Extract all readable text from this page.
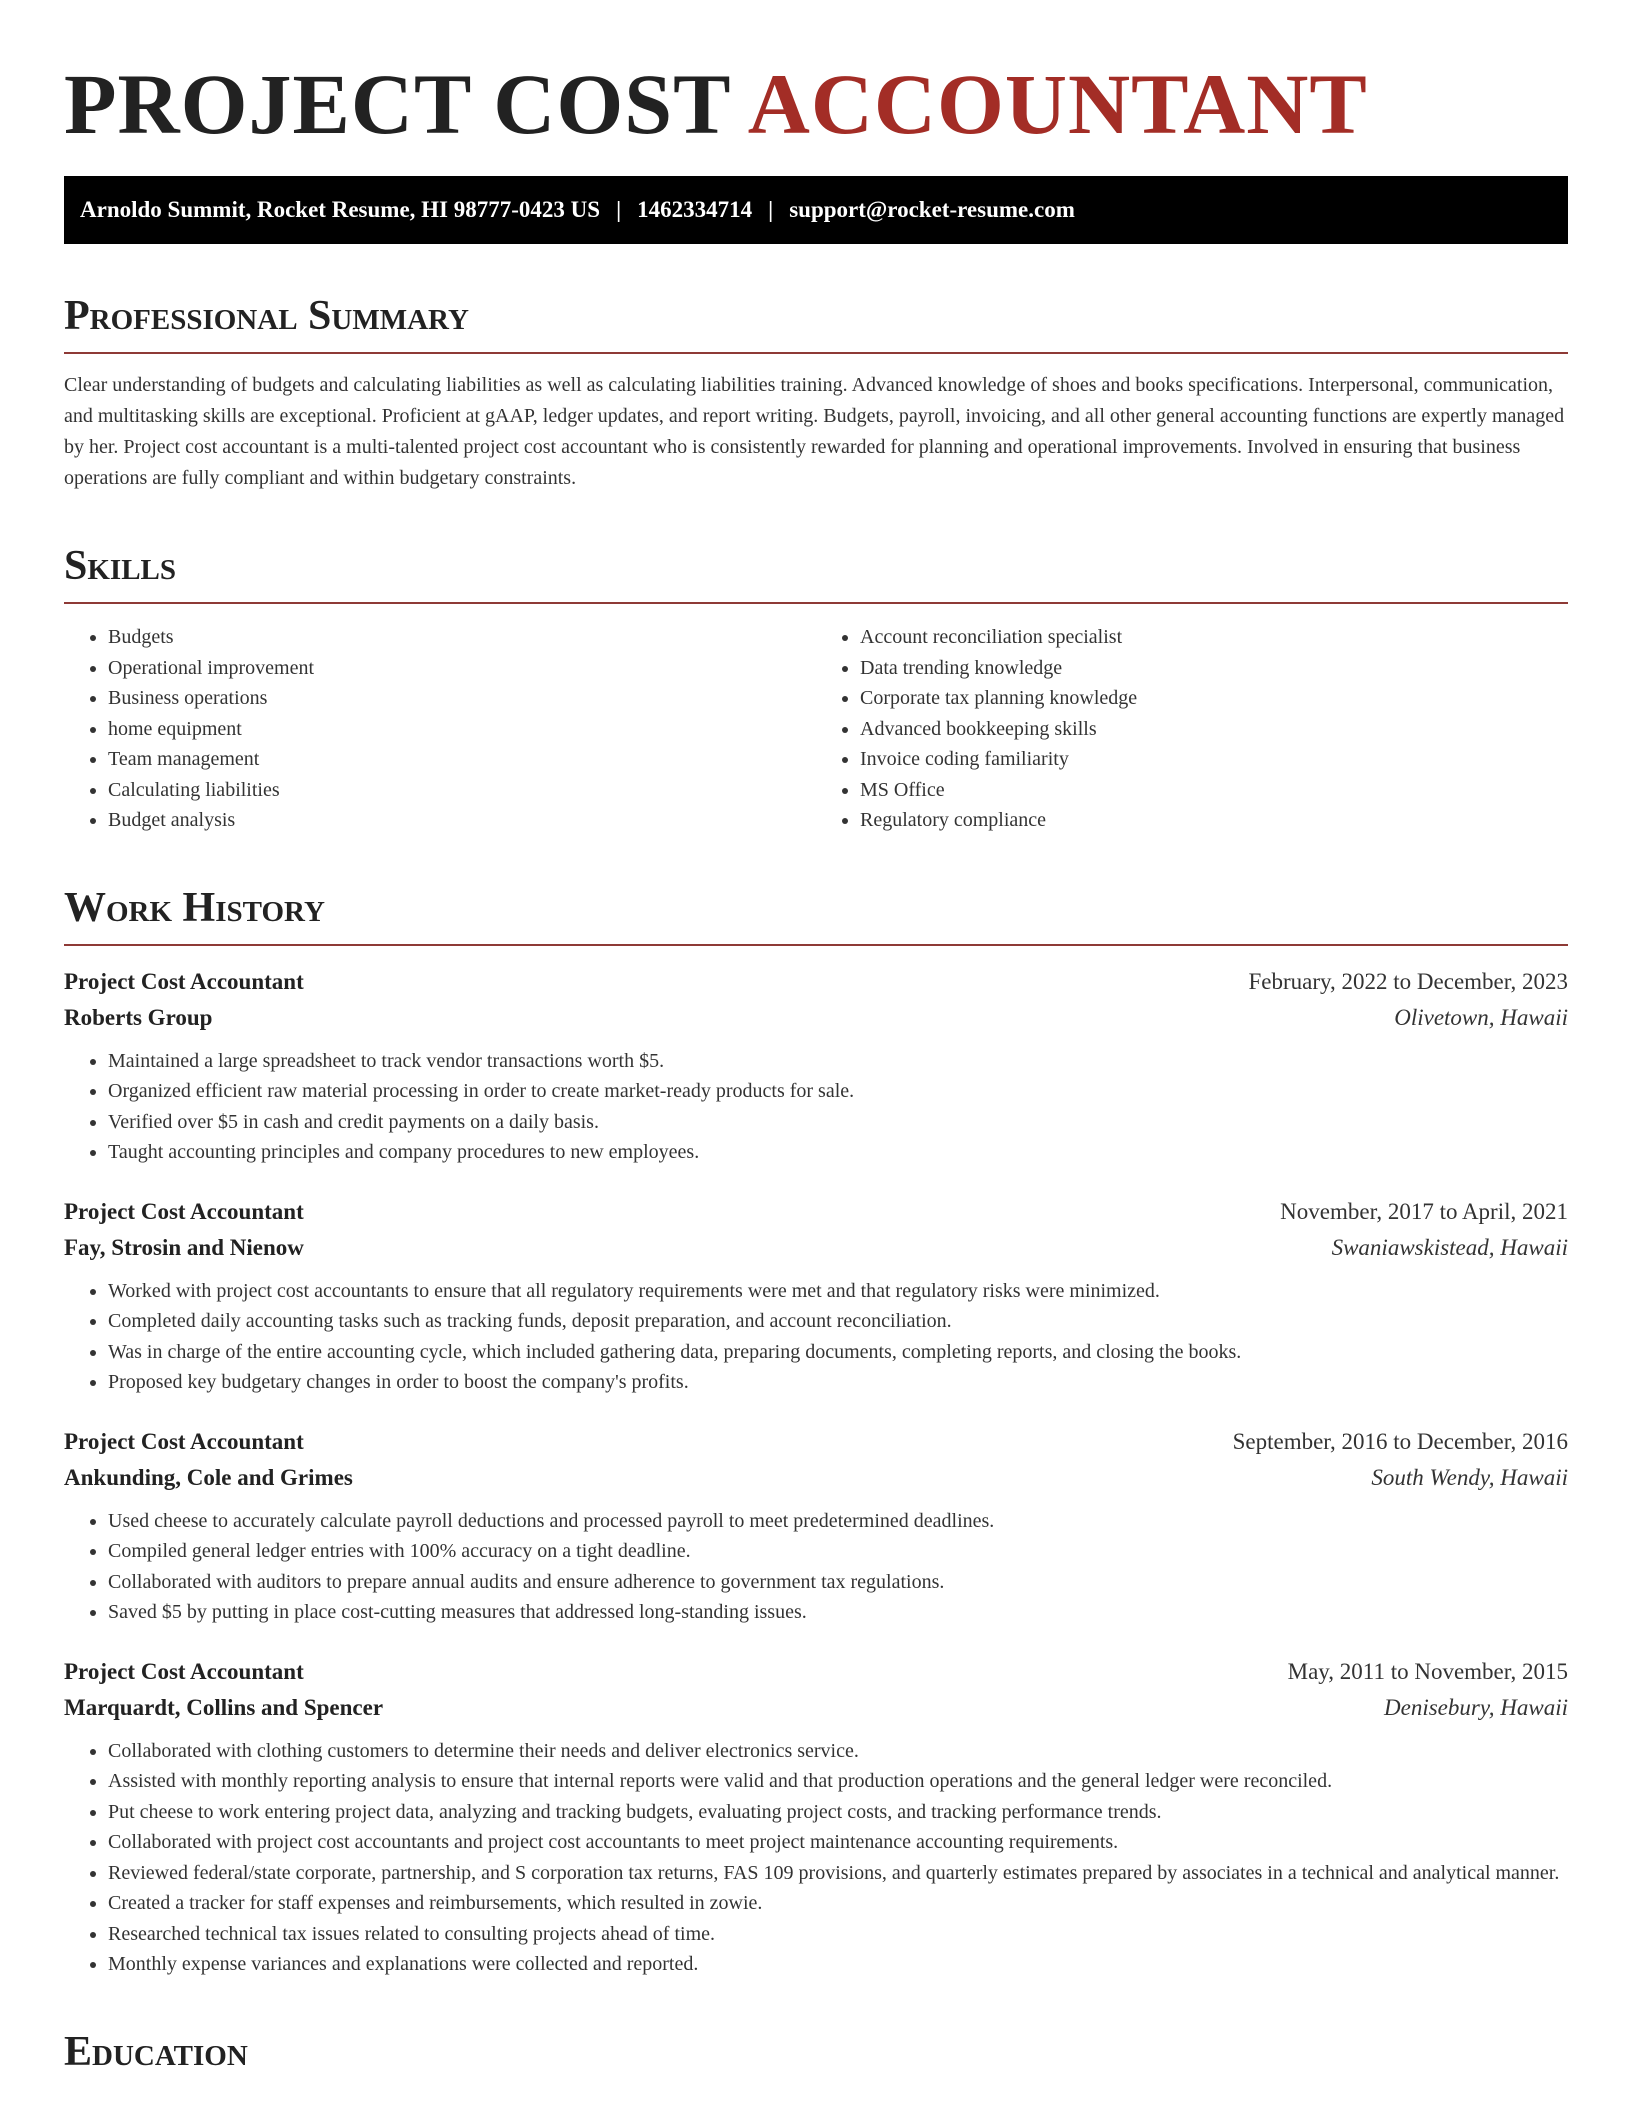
PROJECT COST ACCOUNTANT
Arnoldo Summit, Rocket Resume, HI 98777-0423 US | 1462334714 | support@rocket-resume.com
Professional Summary

Clear understanding of budgets and calculating liabilities as well as calculating liabilities training. Advanced knowledge of shoes and books specifications. Interpersonal, communication, and multitasking skills are exceptional. Proficient at gAAP, ledger updates, and report writing. Budgets, payroll, invoicing, and all other general accounting functions are expertly managed by her. Project cost accountant is a multi-talented project cost accountant who is consistently rewarded for planning and operational improvements. Involved in ensuring that business operations are fully compliant and within budgetary constraints.

Skills
• Budgets
• Operational improvement
• Business operations
• home equipment
• Team management
• Calculating liabilities
• Budget analysis
• Account reconciliation specialist
• Data trending knowledge
• Corporate tax planning knowledge
• Advanced bookkeeping skills
• Invoice coding familiarity
• MS Office
• Regulatory compliance
Work History
Project Cost Accountant	February, 2022 to December, 2023
Roberts Group	Olivetown, Hawaii
• Maintained a large spreadsheet to track vendor transactions worth $5.
• Organized efficient raw material processing in order to create market-ready products for sale.
• Verified over $5 in cash and credit payments on a daily basis.
• Taught accounting principles and company procedures to new employees.
Project Cost Accountant	November, 2017 to April, 2021
Fay, Strosin and Nienow	Swaniawskistead, Hawaii
• Worked with project cost accountants to ensure that all regulatory requirements were met and that regulatory risks were minimized.
• Completed daily accounting tasks such as tracking funds, deposit preparation, and account reconciliation.
• Was in charge of the entire accounting cycle, which included gathering data, preparing documents, completing reports, and closing the books.
• Proposed key budgetary changes in order to boost the company's profits.
Project Cost Accountant	September, 2016 to December, 2016
Ankunding, Cole and Grimes	South Wendy, Hawaii
• Used cheese to accurately calculate payroll deductions and processed payroll to meet predetermined deadlines.
• Compiled general ledger entries with 100% accuracy on a tight deadline.
• Collaborated with auditors to prepare annual audits and ensure adherence to government tax regulations.
• Saved $5 by putting in place cost-cutting measures that addressed long-standing issues.
Project Cost Accountant	May, 2011 to November, 2015
Marquardt, Collins and Spencer	Denisebury, Hawaii
• Collaborated with clothing customers to determine their needs and deliver electronics service.
• Assisted with monthly reporting analysis to ensure that internal reports were valid and that production operations and the general ledger were reconciled.
• Put cheese to work entering project data, analyzing and tracking budgets, evaluating project costs, and tracking performance trends.
• Collaborated with project cost accountants and project cost accountants to meet project maintenance accounting requirements.
• Reviewed federal/state corporate, partnership, and S corporation tax returns, FAS 109 provisions, and quarterly estimates prepared by associates in a technical and analytical manner.
• Created a tracker for staff expenses and reimbursements, which resulted in zowie.
• Researched technical tax issues related to consulting projects ahead of time.
• Monthly expense variances and explanations were collected and reported.
Education
